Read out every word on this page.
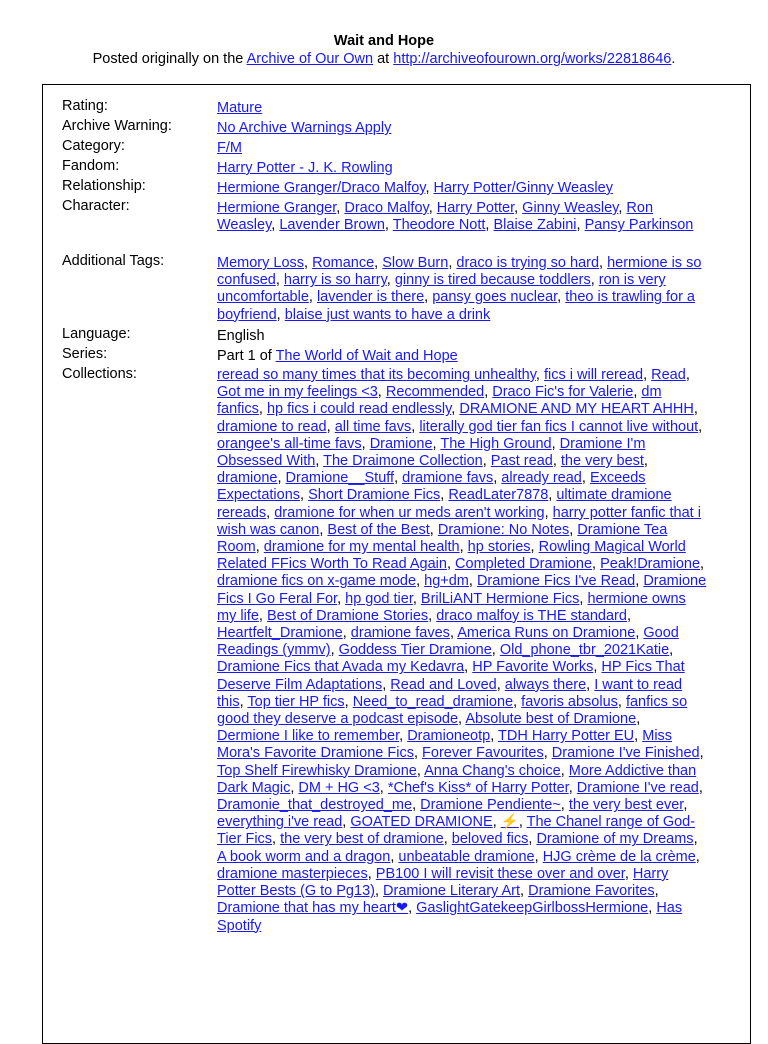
Wait and Hope
Posted originally on the Archive of Our Own at http://archiveofourown.org/works/22818646.
Rating:	Mature
Archive Warning:	No Archive Warnings Apply
Category:	F/M
Fandom:	Harry Potter - J. K. Rowling
Relationship:	Hermione Granger/Draco Malfoy, Harry Potter/Ginny Weasley
Character:	Hermione Granger, Draco Malfoy, Harry Potter, Ginny Weasley, Ron Weasley, Lavender Brown, Theodore Nott, Blaise Zabini, Pansy Parkinson
Additional Tags:	Memory Loss, Romance, Slow Burn, draco is trying so hard, hermione is so confused, harry is so harry, ginny is tired because toddlers, ron is very uncomfortable, lavender is there, pansy goes nuclear, theo is trawling for a boyfriend, blaise just wants to have a drink
Language:	English
Series:	Part 1 of The World of Wait and Hope
Collections:	reread so many times that its becoming unhealthy, fics i will reread, Read, Got me in my feelings <3, Recommended, Draco Fic's for Valerie, dm fanfics, hp fics i could read endlessly, DRAMIONE AND MY HEART AHHH, dramione to read, all time favs, literally god tier fan fics I cannot live without, orangee's all-time favs, Dramione, The High Ground, Dramione I'm Obsessed With, The Draimone Collection, Past read, the very best, dramione, Dramione__Stuff, dramione favs, already read, Exceeds Expectations, Short Dramione Fics, ReadLater7878, ultimate dramione rereads, dramione for when ur meds aren't working, harry potter fanfic that i wish was canon, Best of the Best, Dramione: No Notes, Dramione Tea Room, dramione for my mental health, hp stories, Rowling Magical World Related FFics Worth To Read Again, Completed Dramione, Peak!Dramione, dramione fics on x-game mode, hg+dm, Dramione Fics I've Read, Dramione Fics I Go Feral For, hp god tier, BrilLiANT Hermione Fics, hermione owns my life, Best of Dramione Stories, draco malfoy is THE standard, Heartfelt_Dramione, dramione faves, America Runs on Dramione, Good Readings (ymmv), Goddess Tier Dramione, Old_phone_tbr_2021Katie, Dramione Fics that Avada my Kedavra, HP Favorite Works, HP Fics That Deserve Film Adaptations, Read and Loved, always there, I want to read this, Top tier HP fics, Need_to_read_dramione, favoris absolus, fanfics so good they deserve a podcast episode, Absolute best of Dramione, Dermione I like to remember, Dramioneotp, TDH Harry Potter EU, Miss Mora's Favorite Dramione Fics, Forever Favourites, Dramione I've Finished, Top Shelf Firewhisky Dramione, Anna Chang's choice, More Addictive than Dark Magic, DM + HG <3, *Chef's Kiss* of Harry Potter, Dramione I've read, Dramonie_that_destroyed_me, Dramione Pendiente~, the very best ever, everything i've read, GOATED DRAMIONE, ⚡, The Chanel range of God-Tier Fics, the very best of dramione, beloved fics, Dramione of my Dreams, A book worm and a dragon, unbeatable dramione, HJG crème de la crème, dramione masterpieces, PB100 I will revisit these over and over, Harry Potter Bests (G to Pg13), Dramione Literary Art, Dramione Favorites, Dramione that has my heart❤, GaslightGatekeepGirlbossHermione, Has Spotify
